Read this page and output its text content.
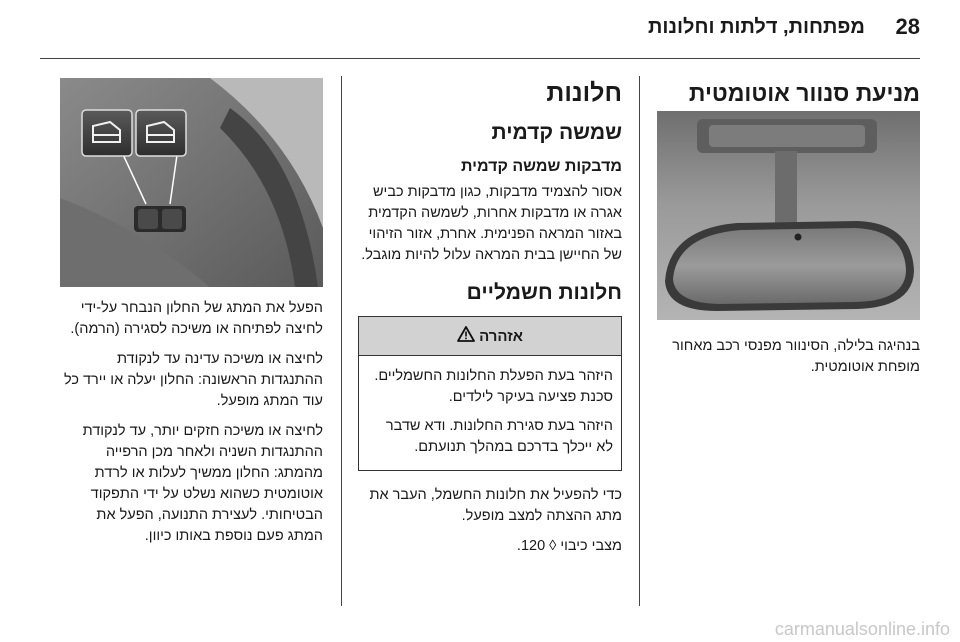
28
מפתחות, דלתות וחלונות
מניעת סנוור אוטומטית

בנהיגה בלילה, הסינוור מפנסי רכב מאחור מופחת אוטומטית.

חלונות
שמשה קדמית
מדבקות שמשה קדמית

אסור להצמיד מדבקות, כגון מדבקות כביש אגרה או מדבקות אחרות, לשמשה הקדמית באזור המראה הפנימית. אחרת, אזור הזיהוי של החיישן בבית המראה עלול להיות מוגבל.

חלונות חשמליים
אזהרה

היזהר בעת הפעלת החלונות החשמליים. סכנת פציעה בעיקר לילדים.

היזהר בעת סגירת החלונות. ודא שדבר לא ייכלך בדרכם במהלך תנועתם.

כדי להפעיל את חלונות החשמל, העבר את מתג ההצתה למצב מופעל.

מצבי כיבוי ◊ 120.

הפעל את המתג של החלון הנבחר על-ידי לחיצה לפתיחה או משיכה לסגירה (הרמה).

לחיצה או משיכה עדינה עד לנקודת ההתנגדות הראשונה: החלון יעלה או יירד כל עוד המתג מופעל.

לחיצה או משיכה חזקים יותר, עד לנקודת ההתנגדות השניה ולאחר מכן הרפייה מהמתג: החלון ממשיך לעלות או לרדת אוטומטית כשהוא נשלט על ידי התפקוד הבטיחותי. לעצירת התנועה, הפעל את המתג פעם נוספת באותו כיוון.

carmanualsonline.info
